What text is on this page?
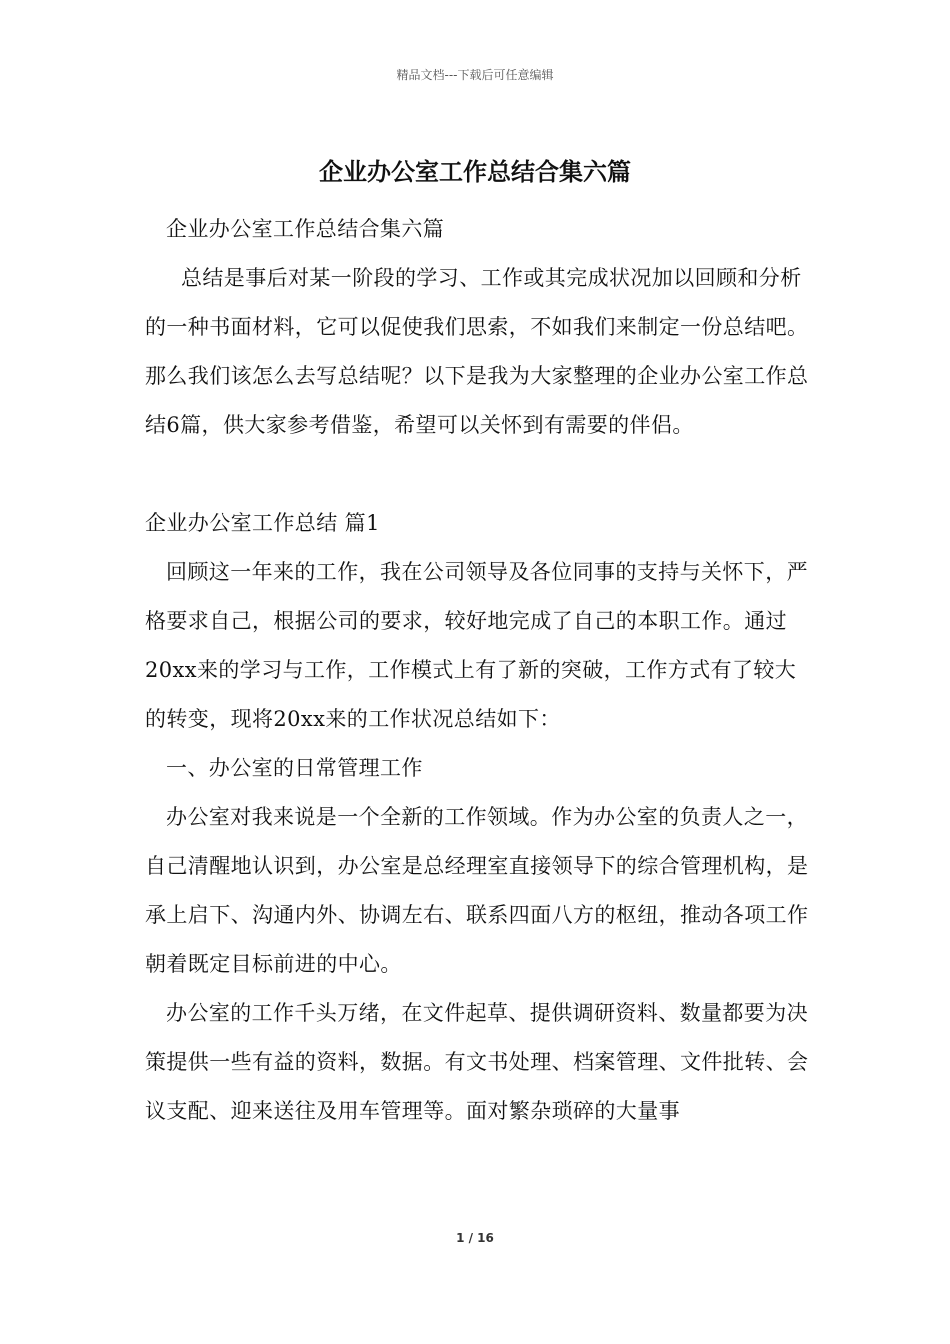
精品文档---下载后可任意编辑
企业办公室工作总结合集六篇

企业办公室工作总结合集六篇

总结是事后对某一阶段的学习、工作或其完成状况加以回顾和分析的一种书面材料，它可以促使我们思索，不如我们来制定一份总结吧。那么我们该怎么去写总结呢？以下是我为大家整理的企业办公室工作总结6篇，供大家参考借鉴，希望可以关怀到有需要的伴侣。

企业办公室工作总结 篇1

回顾这一年来的工作，我在公司领导及各位同事的支持与关怀下，严格要求自己，根据公司的要求，较好地完成了自己的本职工作。通过20xx来的学习与工作，工作模式上有了新的突破，工作方式有了较大的转变，现将20xx来的工作状况总结如下：

一、办公室的日常管理工作

办公室对我来说是一个全新的工作领域。作为办公室的负责人之一，自己清醒地认识到，办公室是总经理室直接领导下的综合管理机构，是承上启下、沟通内外、协调左右、联系四面八方的枢纽，推动各项工作朝着既定目标前进的中心。

办公室的工作千头万绪，在文件起草、提供调研资料、数量都要为决策提供一些有益的资料，数据。有文书处理、档案管理、文件批转、会议支配、迎来送往及用车管理等。面对繁杂琐碎的大量事

1 / 16
